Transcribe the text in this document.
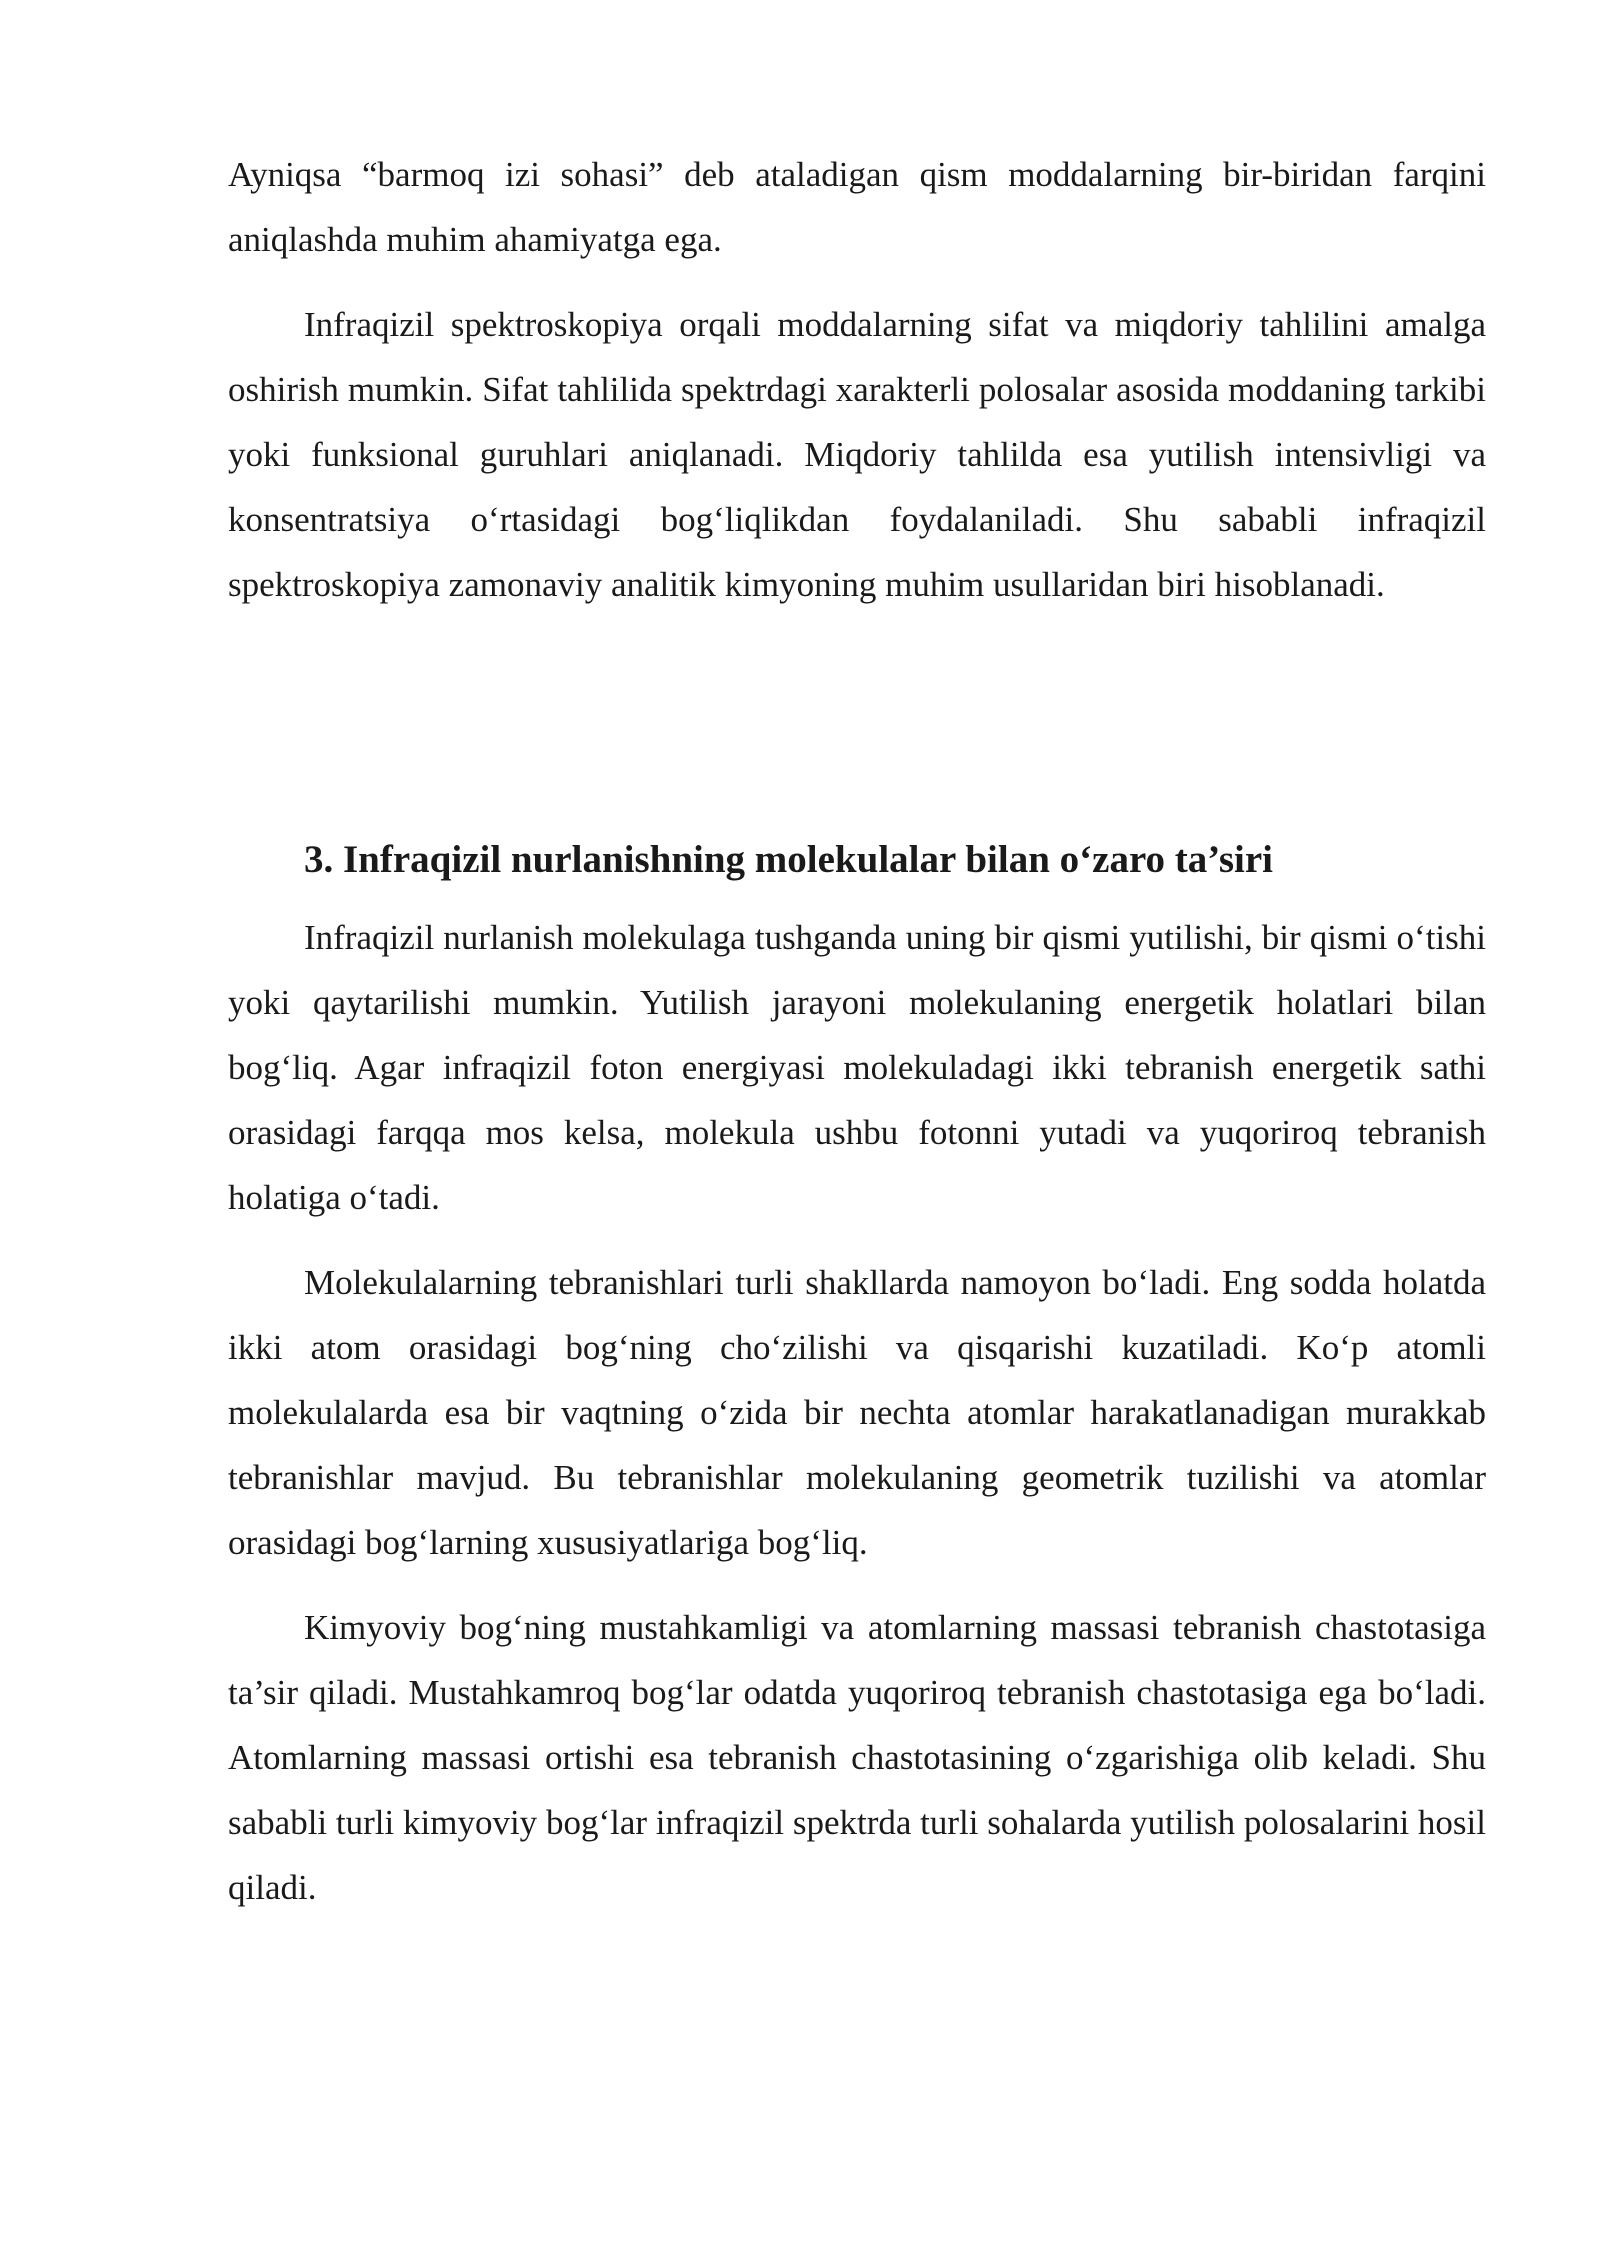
Ayniqsa “barmoq izi sohasi” deb ataladigan qism moddalarning bir-biridan farqini aniqlashda muhim ahamiyatga ega.

Infraqizil spektroskopiya orqali moddalarning sifat va miqdoriy tahlilini amalga oshirish mumkin. Sifat tahlilida spektrdagi xarakterli polosalar asosida moddaning tarkibi yoki funksional guruhlari aniqlanadi. Miqdoriy tahlilda esa yutilish intensivligi va konsentratsiya o‘rtasidagi bog‘liqlikdan foydalaniladi. Shu sababli infraqizil spektroskopiya zamonaviy analitik kimyoning muhim usullaridan biri hisoblanadi.

3. Infraqizil nurlanishning molekulalar bilan o‘zaro ta’siri

Infraqizil nurlanish molekulaga tushganda uning bir qismi yutilishi, bir qismi o‘tishi yoki qaytarilishi mumkin. Yutilish jarayoni molekulaning energetik holatlari bilan bog‘liq. Agar infraqizil foton energiyasi molekuladagi ikki tebranish energetik sathi orasidagi farqqa mos kelsa, molekula ushbu fotonni yutadi va yuqoriroq tebranish holatiga o‘tadi.

Molekulalarning tebranishlari turli shakllarda namoyon bo‘ladi. Eng sodda holatda ikki atom orasidagi bog‘ning cho‘zilishi va qisqarishi kuzatiladi. Ko‘p atomli molekulalarda esa bir vaqtning o‘zida bir nechta atomlar harakatlanadigan murakkab tebranishlar mavjud. Bu tebranishlar molekulaning geometrik tuzilishi va atomlar orasidagi bog‘larning xususiyatlariga bog‘liq.

Kimyoviy bog‘ning mustahkamligi va atomlarning massasi tebranish chastotasiga ta’sir qiladi. Mustahkamroq bog‘lar odatda yuqoriroq tebranish chastotasiga ega bo‘ladi. Atomlarning massasi ortishi esa tebranish chastotasining o‘zgarishiga olib keladi. Shu sababli turli kimyoviy bog‘lar infraqizil spektrda turli sohalarda yutilish polosalarini hosil qiladi.
